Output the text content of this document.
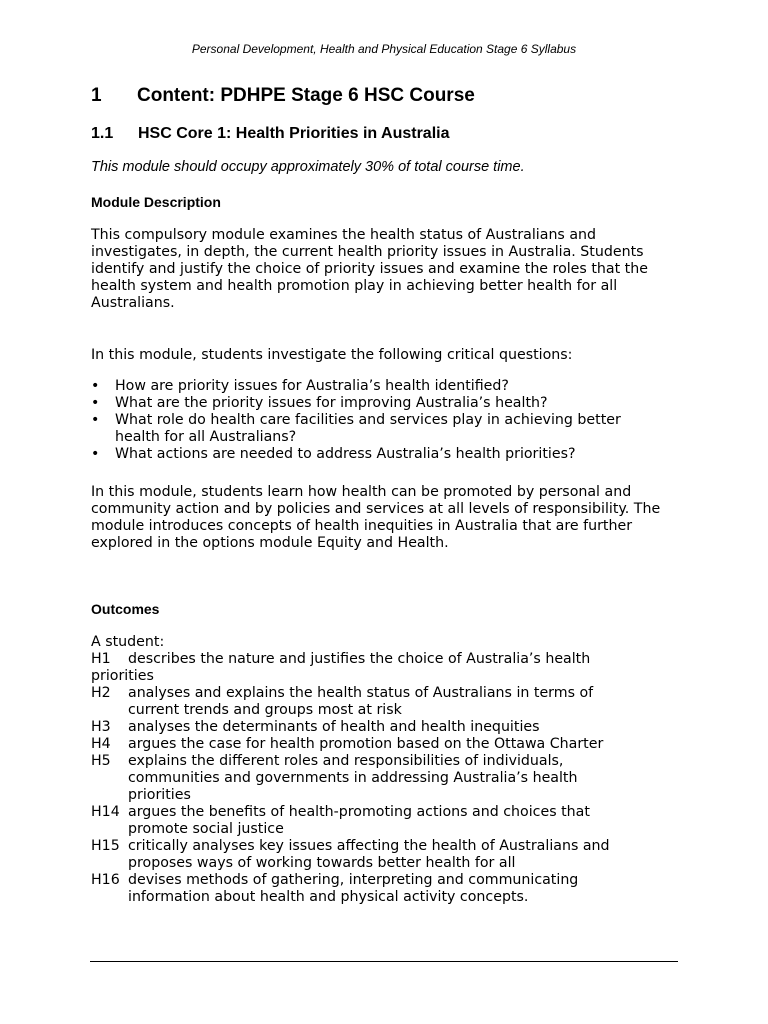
Personal Development, Health and Physical Education Stage 6 Syllabus
1 Content: PDHPE Stage 6 HSC Course
1.1 HSC Core 1: Health Priorities in Australia
This module should occupy approximately 30% of total course time.
Module Description

This compulsory module examines the health status of Australians and investigates, in depth, the current health priority issues in Australia. Students identify and justify the choice of priority issues and examine the roles that the health system and health promotion play in achieving better health for all Australians.

In this module, students investigate the following critical questions:

• How are priority issues for Australia’s health identified?
• What are the priority issues for improving Australia’s health?
• What role do health care facilities and services play in achieving better health for all Australians?
• What actions are needed to address Australia’s health priorities?

In this module, students learn how health can be promoted by personal and community action and by policies and services at all levels of responsibility. The module introduces concepts of health inequities in Australia that are further explored in the options module Equity and Health.

Outcomes
A student:
H1	describes the nature and justifies the choice of Australia’s health priorities
H2	analyses and explains the health status of Australians in terms of current trends and groups most at risk
H3	analyses the determinants of health and health inequities
H4	argues the case for health promotion based on the Ottawa Charter
H5	explains the different roles and responsibilities of individuals, communities and governments in addressing Australia’s health priorities
H14 argues the benefits of health-promoting actions and choices that promote social justice
H15 critically analyses key issues affecting the health of Australians and proposes ways of working towards better health for all
H16 devises methods of gathering, interpreting and communicating information about health and physical activity concepts.
